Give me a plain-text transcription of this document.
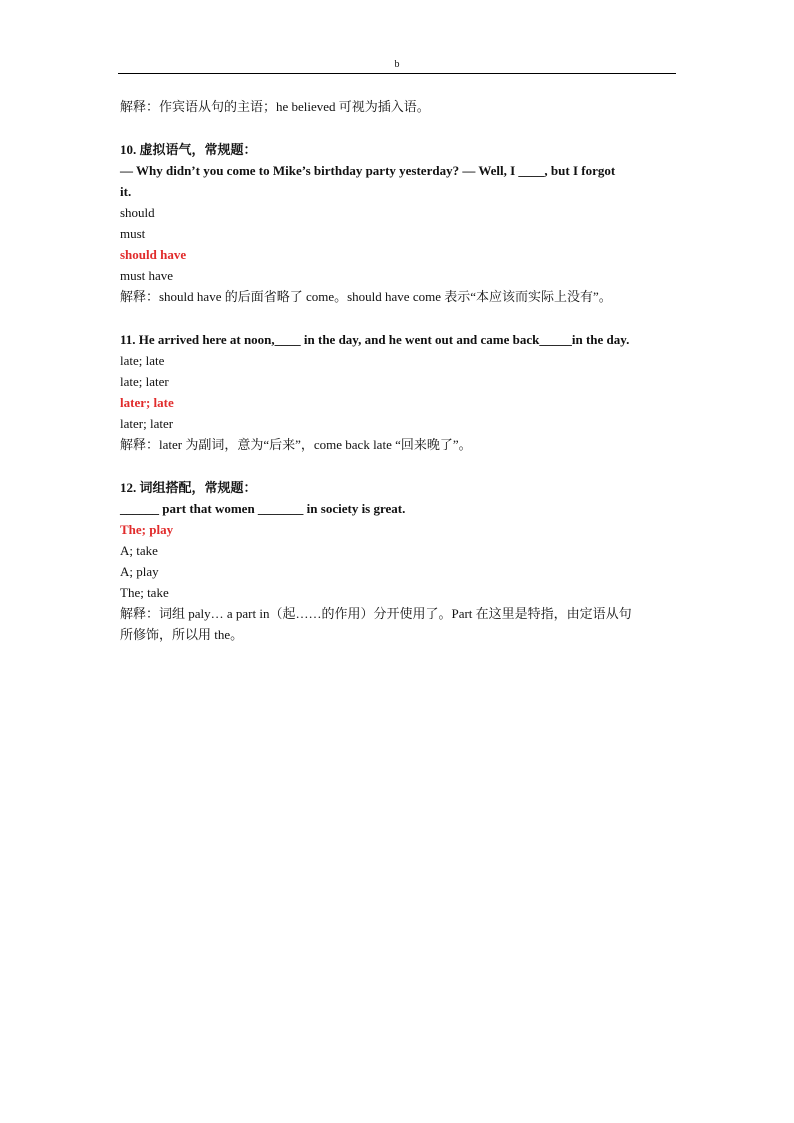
b
解释：作宾语从句的主语；he believed 可视为插入语。
10. 虚拟语气，常规题：
— Why didn’t you come to Mike’s birthday party yesterday? — Well, I ____, but I forgot
it.
should
must
should have
must have
解释：should have 的后面省略了 come。should have come 表示“本应该而实际上没有”。
11. He arrived here at noon,____ in the day, and he went out and came back_____in the day.
late; late
late; later
later; late
later; later
解释：later 为副词，意为“后来”，come back late “回来晚了”。
12. 词组搭配，常规题：
______ part that women _______ in society is great.
The; play
A; take
A; play
The; take
解释：词组 paly… a part in（起……的作用）分开使用了。Part 在这里是特指，由定语从句
所修饰，所以用 the。
